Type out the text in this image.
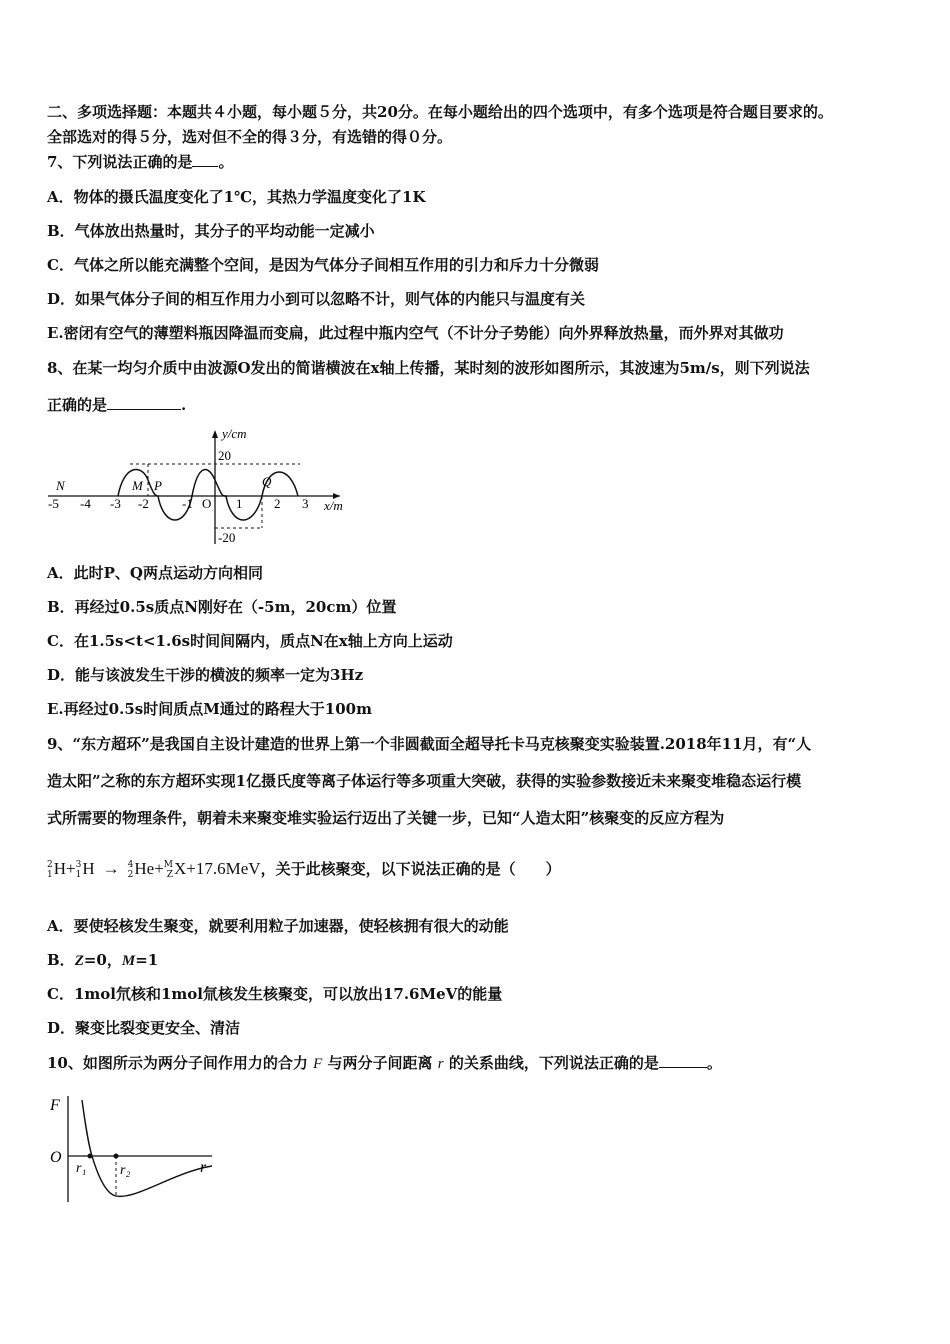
二、多项选择题：本题共４小题，每小题５分，共20分。在每小题给出的四个选项中，有多个选项是符合题目要求的。
全部选对的得５分，选对但不全的得３分，有选错的得０分。
7、下列说法正确的是 。
A．物体的摄氏温度变化了1℃，其热力学温度变化了1K
B．气体放出热量时，其分子的平均动能一定减小
C．气体之所以能充满整个空间，是因为气体分子间相互作用的引力和斥力十分微弱
D．如果气体分子间的相互作用力小到可以忽略不计，则气体的内能只与温度有关
E.密闭有空气的薄塑料瓶因降温而变扁，此过程中瓶内空气（不计分子势能）向外界释放热量，而外界对其做功
8、在某一均匀介质中由波源O发出的简谐横波在x轴上传播，某时刻的波形如图所示，其波速为5m/s，则下列说法
正确的是	.
-5 -4 -3 -2	-1 O 1 2 3
y/cm
x/m
20
-20
N	M P	Q
A．此时P、Q两点运动方向相同
B．再经过0.5s质点N刚好在（-5m，20cm）位置
C．在1.5s<t<1.6s时间间隔内，质点N在x轴上方向上运动
D．能与该波发生干涉的横波的频率一定为3Hz
E.再经过0.5s时间质点M通过的路程大于100m
9、“东方超环”是我国自主设计建造的世界上第一个非圆截面全超导托卡马克核聚变实验装置.2018年11月，有“人
造太阳”之称的东方超环实现1亿摄氏度等离子体运行等多项重大突破，获得的实验参数接近未来聚变堆稳态运行模
式所需要的物理条件，朝着未来聚变堆实验运行迈出了关键一步，已知“人造太阳”核聚变的反应方程为
2
1H+3
1H → 4
2He+M
ZX+17.6MeV，关于此核聚变，以下说法正确的是（　　）
A．要使轻核发生聚变，就要利用粒子加速器，使轻核拥有很大的动能
B．Z=0，M=1
C．1mol氘核和1mol氚核发生核聚变，可以放出17.6MeV的能量
D．聚变比裂变更安全、清洁
10、如图所示为两分子间作用力的合力 F 与两分子间距离 r 的关系曲线，下列说法正确的是	。
F
O
r
r₁ r₂
